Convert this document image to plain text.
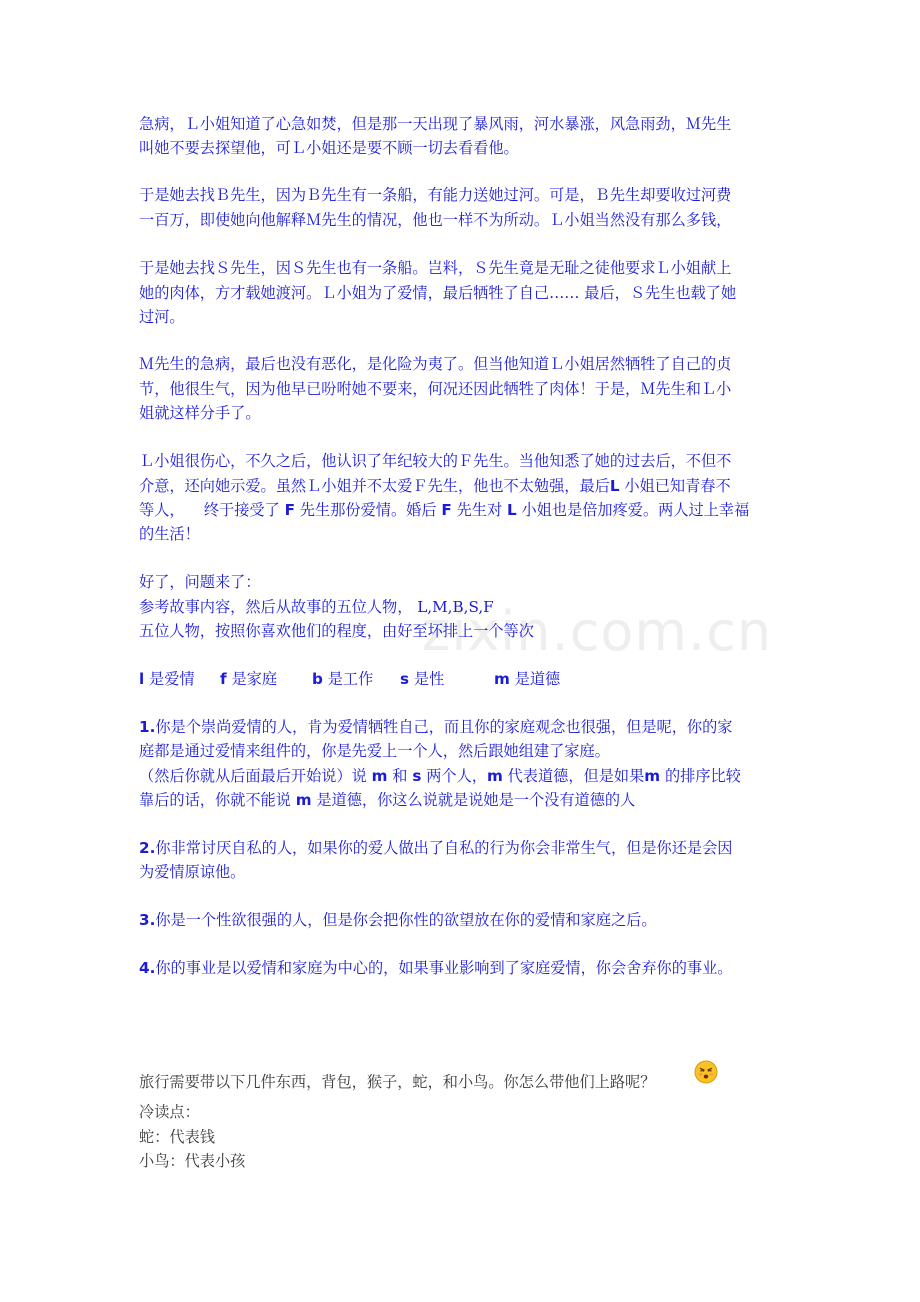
zixin.com.cn

急病，Ｌ小姐知道了心急如焚，但是那一天出现了暴风雨，河水暴涨，风急雨劲，Ｍ先生

叫她不要去探望他，可Ｌ小姐还是要不顾一切去看看他。

于是她去找Ｂ先生，因为Ｂ先生有一条船，有能力送她过河。可是，Ｂ先生却要收过河费

一百万，即使她向他解释Ｍ先生的情况，他也一样不为所动。Ｌ小姐当然没有那么多钱，

于是她去找Ｓ先生，因Ｓ先生也有一条船。岂料，Ｓ先生竟是无耻之徒他要求Ｌ小姐献上

她的肉体，方才载她渡河。Ｌ小姐为了爱情，最后牺牲了自己…… 最后，Ｓ先生也载了她

过河。

Ｍ先生的急病，最后也没有恶化，是化险为夷了。但当他知道Ｌ小姐居然牺牲了自己的贞

节，他很生气，因为他早已吩咐她不要来，何况还因此牺牲了肉体！于是，Ｍ先生和Ｌ小

姐就这样分手了。

Ｌ小姐很伤心，不久之后，他认识了年纪较大的Ｆ先生。当他知悉了她的过去后，不但不

介意，还向她示爱。虽然Ｌ小姐并不太爱Ｆ先生，他也不太勉强，最后L 小姐已知青春不

等人，    终于接受了 F 先生那份爱情。婚后 F 先生对 L 小姐也是倍加疼爱。两人过上幸福

的生活！

好了，问题来了：

参考故事内容，然后从故事的五位人物， L,M,B,S,F

五位人物，按照你喜欢他们的程度，由好至坏排上一个等次

l 是爱情 f 是家庭 b 是工作 s 是性	m 是道德

1.你是个崇尚爱情的人，肯为爱情牺牲自己，而且你的家庭观念也很强，但是呢，你的家

庭都是通过爱情来组件的，你是先爱上一个人，然后跟她组建了家庭。

（然后你就从后面最后开始说）说 m 和 s 两个人，m 代表道德，但是如果m 的排序比较

靠后的话，你就不能说 m 是道德，你这么说就是说她是一个没有道德的人

2.你非常讨厌自私的人，如果你的爱人做出了自私的行为你会非常生气，但是你还是会因

为爱情原谅他。

3.你是一个性欲很强的人，但是你会把你性的欲望放在你的爱情和家庭之后。

4.你的事业是以爱情和家庭为中心的，如果事业影响到了家庭爱情，你会舍弃你的事业。

旅行需要带以下几件东西，背包，猴子，蛇，和小鸟。你怎么带他们上路呢？

冷读点：

蛇：代表钱

小鸟：代表小孩
